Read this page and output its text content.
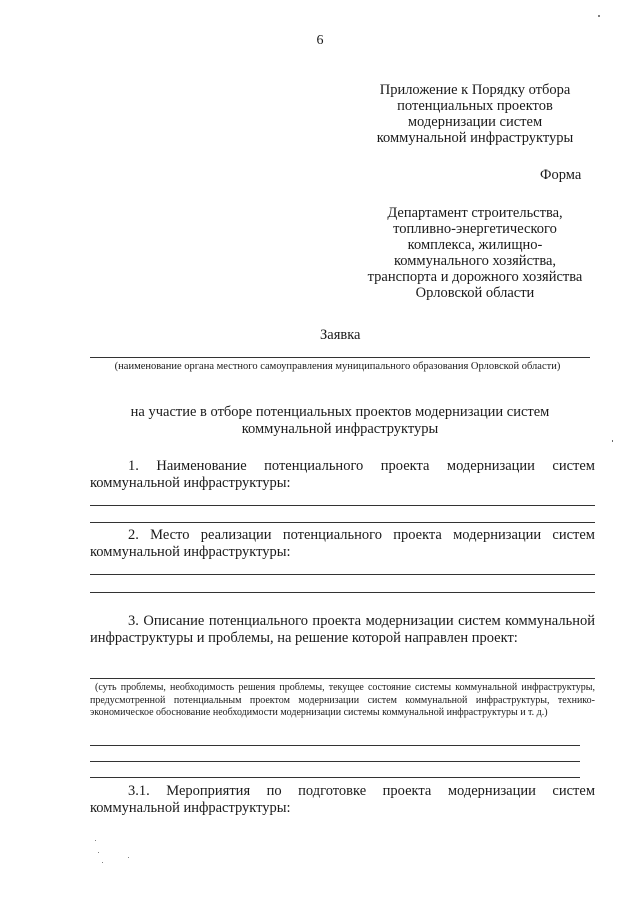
6
Приложение к Порядку отбора
потенциальных проектов
модернизации систем
коммунальной инфраструктуры
Форма
Департамент строительства,
топливно-энергетического
комплекса, жилищно-
коммунального хозяйства,
транспорта и дорожного хозяйства
Орловской области
Заявка
(наименование органа местного самоуправления муниципального образования Орловской области)
на участие в отборе потенциальных проектов модернизации систем коммунальной инфраструктуры
1. Наименование потенциального проекта модернизации систем коммунальной инфраструктуры:
2. Место реализации потенциального проекта модернизации систем коммунальной инфраструктуры:
3. Описание потенциального проекта модернизации систем коммунальной инфраструктуры и проблемы, на решение которой направлен проект:
(суть проблемы, необходимость решения проблемы, текущее состояние системы коммунальной инфраструктуры, предусмотренной потенциальным проектом модернизации систем коммунальной инфраструктуры, технико-экономическое обоснование необходимости модернизации системы коммунальной инфраструктуры и т. д.)
3.1. Мероприятия по подготовке проекта модернизации систем коммунальной инфраструктуры:
